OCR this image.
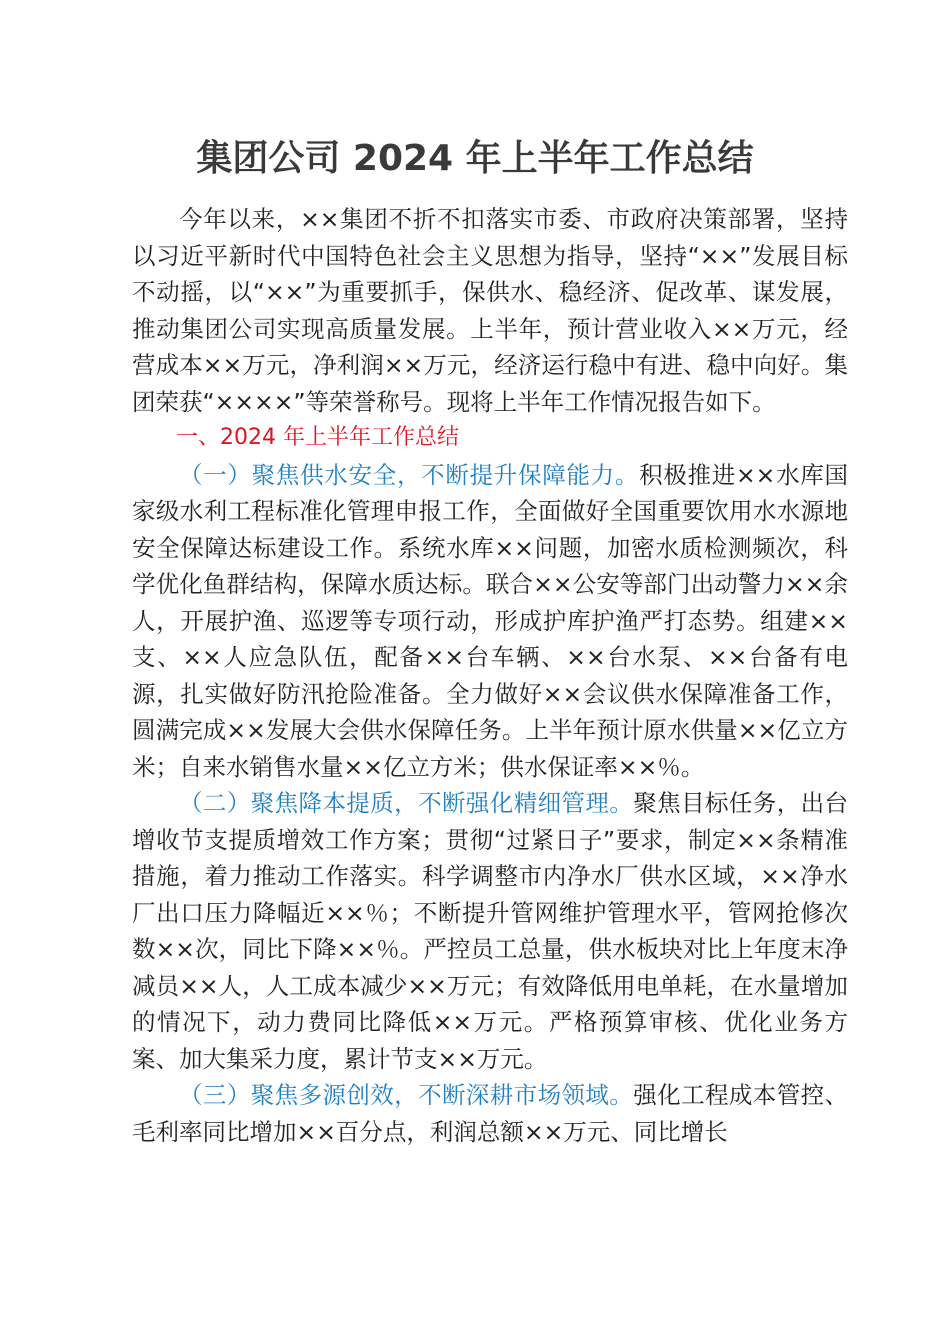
集团公司 2024 年上半年工作总结

今年以来，××集团不折不扣落实市委、市政府决策部署，坚持以习近平新时代中国特色社会主义思想为指导，坚持“××”发展目标不动摇，以“××”为重要抓手，保供水、稳经济、促改革、谋发展，推动集团公司实现高质量发展。上半年，预计营业收入××万元，经营成本××万元，净利润××万元，经济运行稳中有进、稳中向好。集团荣获“××××”等荣誉称号。现将上半年工作情况报告如下。

一、2024 年上半年工作总结

（一）聚焦供水安全，不断提升保障能力。积极推进××水库国家级水利工程标准化管理申报工作，全面做好全国重要饮用水水源地安全保障达标建设工作。系统水库××问题，加密水质检测频次，科学优化鱼群结构，保障水质达标。联合××公安等部门出动警力××余人，开展护渔、巡逻等专项行动，形成护库护渔严打态势。组建××支、××人应急队伍，配备××台车辆、××台水泵、××台备有电源，扎实做好防汛抢险准备。全力做好××会议供水保障准备工作，圆满完成××发展大会供水保障任务。上半年预计原水供量××亿立方米；自来水销售水量××亿立方米；供水保证率××％。

（二）聚焦降本提质，不断强化精细管理。聚焦目标任务，出台增收节支提质增效工作方案；贯彻“过紧日子”要求，制定××条精准措施，着力推动工作落实。科学调整市内净水厂供水区域，××净水厂出口压力降幅近××％；不断提升管网维护管理水平，管网抢修次数××次，同比下降××％。严控员工总量，供水板块对比上年度末净减员××人，人工成本减少××万元；有效降低用电单耗，在水量增加的情况下，动力费同比降低××万元。严格预算审核、优化业务方案、加大集采力度，累计节支××万元。

（三）聚焦多源创效，不断深耕市场领域。强化工程成本管控、毛利率同比增加××百分点，利润总额××万元、同比增长
